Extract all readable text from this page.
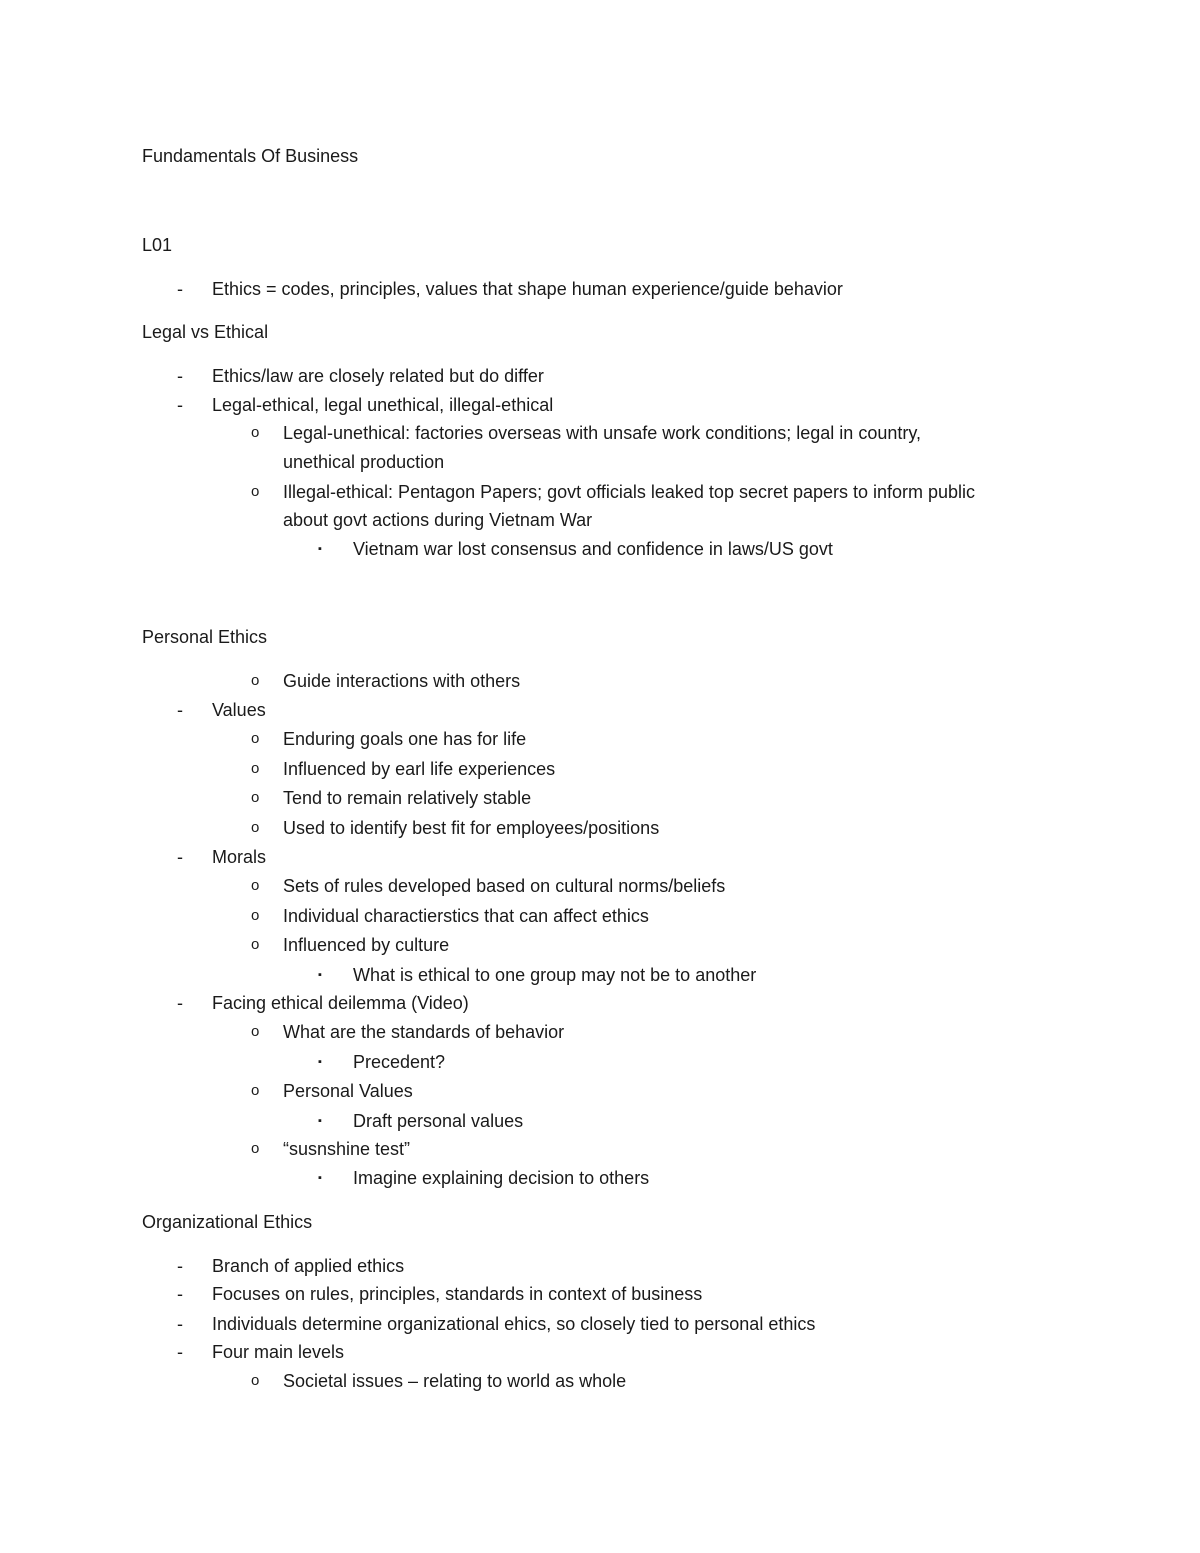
Fundamentals Of Business
L01
-	Ethics = codes, principles, values that shape human experience/guide behavior
Legal vs Ethical
-	Ethics/law are closely related but do differ
-	Legal-ethical, legal unethical, illegal-ethical
o Legal-unethical: factories overseas with unsafe work conditions; legal in country,
unethical production
o Illegal-ethical: Pentagon Papers; govt officials leaked top secret papers to inform public
about govt actions during Vietnam War
▪ Vietnam war lost consensus and confidence in laws/US govt
Personal Ethics
o Guide interactions with others
-	Values
o Enduring goals one has for life
o Influenced by earl life experiences
o Tend to remain relatively stable
o Used to identify best fit for employees/positions
-	Morals
o Sets of rules developed based on cultural norms/beliefs
o Individual charactierstics that can affect ethics
o Influenced by culture
▪ What is ethical to one group may not be to another
-	Facing ethical deilemma (Video)
o What are the standards of behavior
▪ Precedent?
o Personal Values
▪ Draft personal values
o “susnshine test”
▪ Imagine explaining decision to others
Organizational Ethics
-	Branch of applied ethics
-	Focuses on rules, principles, standards in context of business
-	Individuals determine organizational ehics, so closely tied to personal ethics
-	Four main levels
o Societal issues – relating to world as whole
